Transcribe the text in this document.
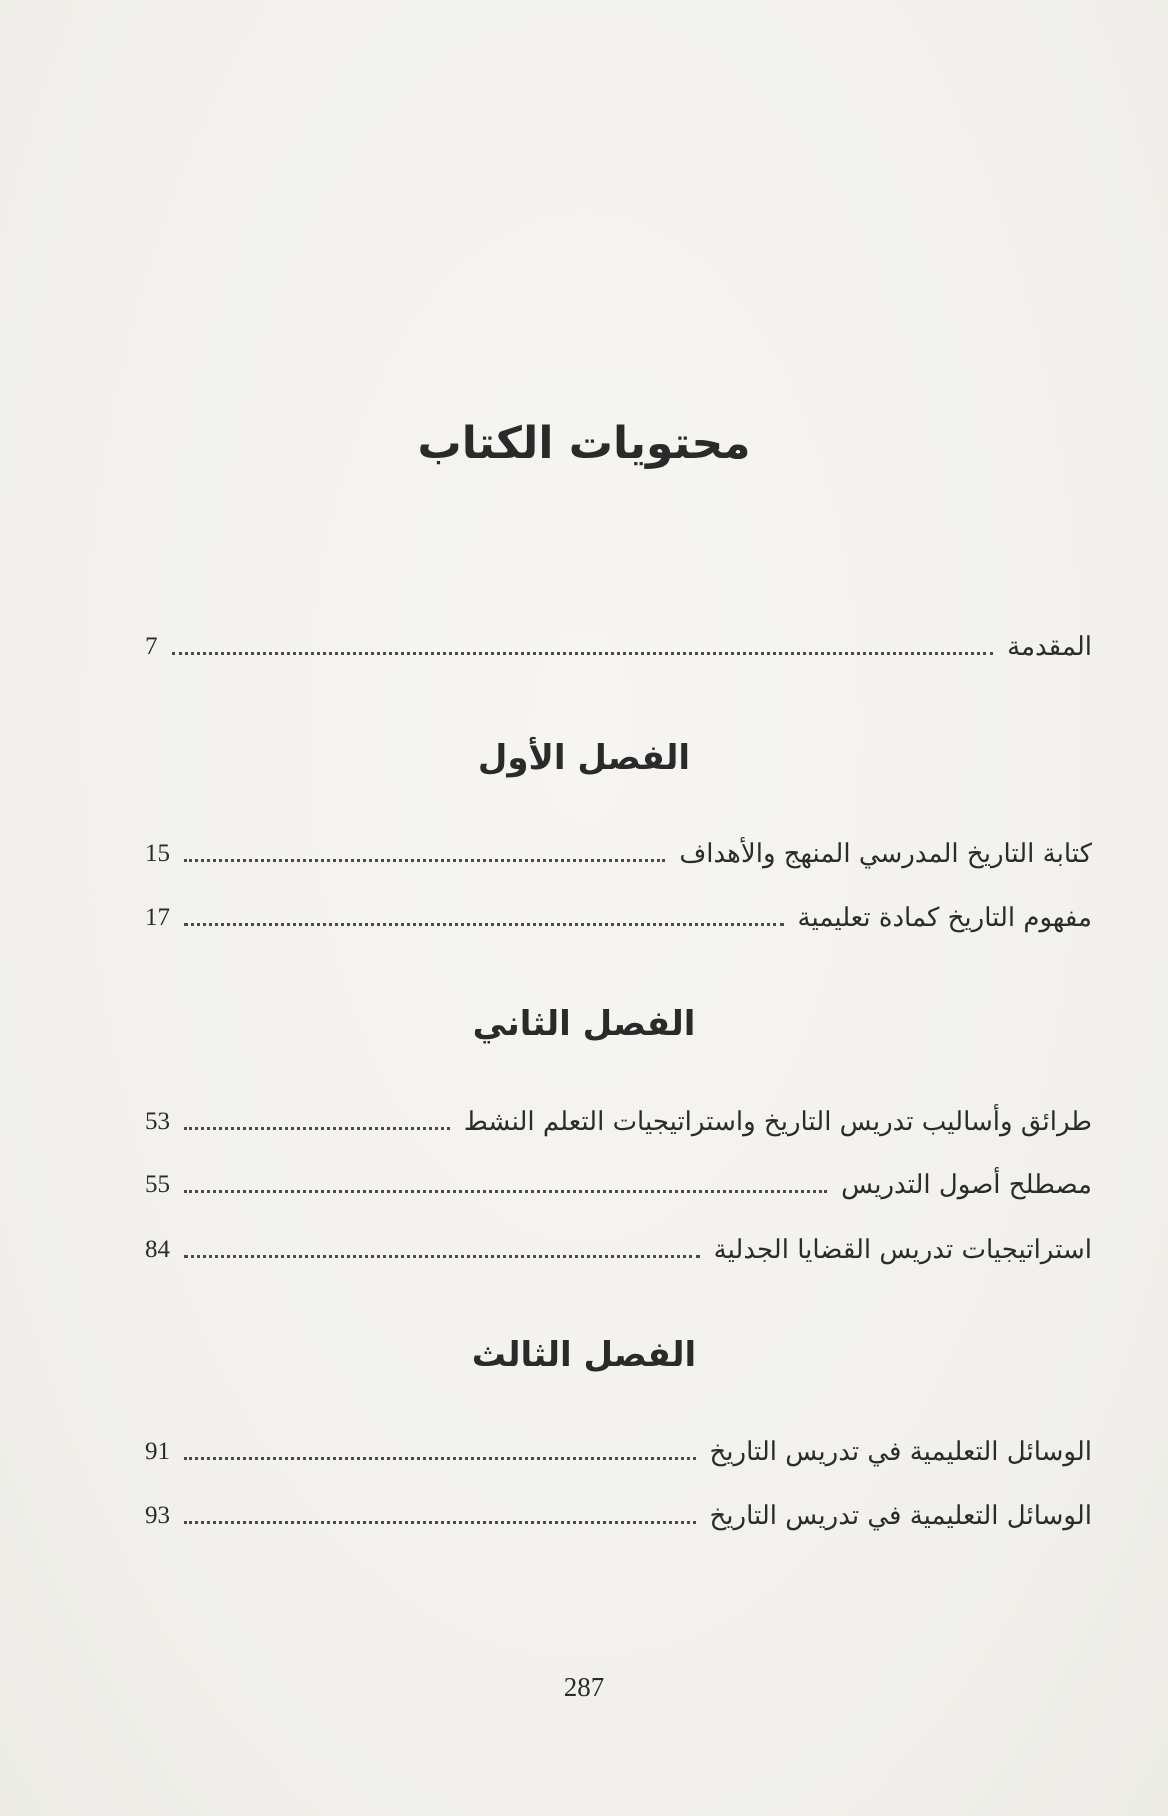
محتويات الكتاب
7	المقدمة
الفصل الأول
15	كتابة التاريخ المدرسي المنهج والأهداف
17	مفهوم التاريخ كمادة تعليمية
الفصل الثاني
53	طرائق وأساليب تدريس التاريخ واستراتيجيات التعلم النشط
55	مصطلح أصول التدريس
84	استراتيجيات تدريس القضايا الجدلية
الفصل الثالث
91	الوسائل التعليمية في تدريس التاريخ
93	الوسائل التعليمية في تدريس التاريخ
287
